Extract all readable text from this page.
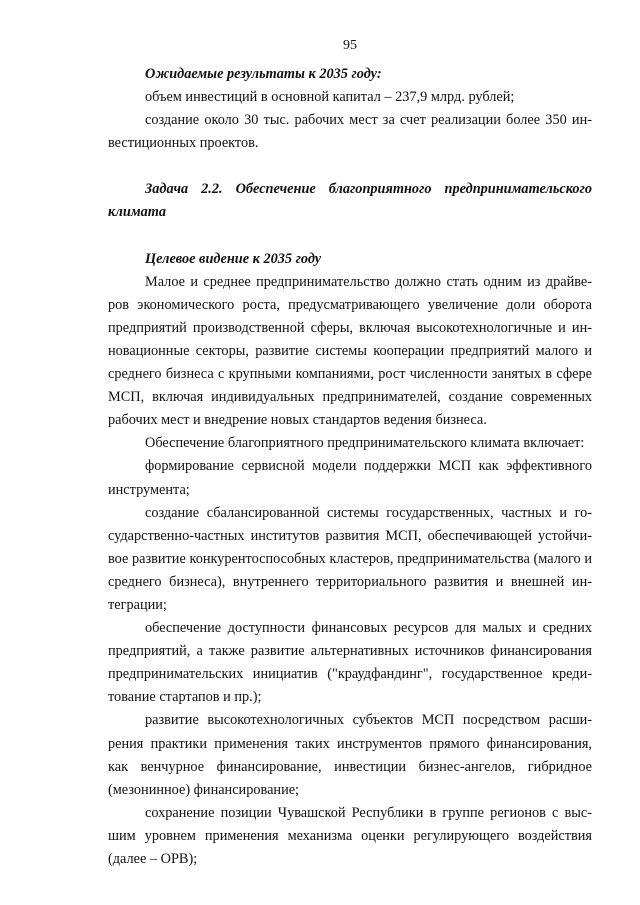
95

Ожидаемые результаты к 2035 году:

объем инвестиций в основной капитал – 237,9 млрд. рублей;

создание около 30 тыс. рабочих мест за счет реализации более 350 инвестиционных проектов.

Задача 2.2. Обеспечение благоприятного предпринимательского
климата

Целевое видение к 2035 году

Малое и среднее предпринимательство должно стать одним из драйверов экономического роста, предусматривающего увеличение доли оборота предприятий производственной сферы, включая высокотехнологичные и инновационные секторы, развитие системы кооперации предприятий малого и среднего бизнеса с крупными компаниями, рост численности занятых в сфере МСП, включая индивидуальных предпринимателей, создание современных рабочих мест и внедрение новых стандартов ведения бизнеса.

Обеспечение благоприятного предпринимательского климата включает:

формирование сервисной модели поддержки МСП как эффективного инструмента;

создание сбалансированной системы государственных, частных и государственно-частных институтов развития МСП, обеспечивающей устойчивое развитие конкурентоспособных кластеров, предпринимательства (малого и среднего бизнеса), внутреннего территориального развития и внешней интеграции;

обеспечение доступности финансовых ресурсов для малых и средних предприятий, а также развитие альтернативных источников финансирования предпринимательских инициатив ("краудфандинг", государственное кредитование стартапов и пр.);

развитие высокотехнологичных субъектов МСП посредством расширения практики применения таких инструментов прямого финансирования, как венчурное финансирование, инвестиции бизнес-ангелов, гибридное (мезонинное) финансирование;

сохранение позиции Чувашской Республики в группе регионов с высшим уровнем применения механизма оценки регулирующего воздействия (далее – ОРВ);
